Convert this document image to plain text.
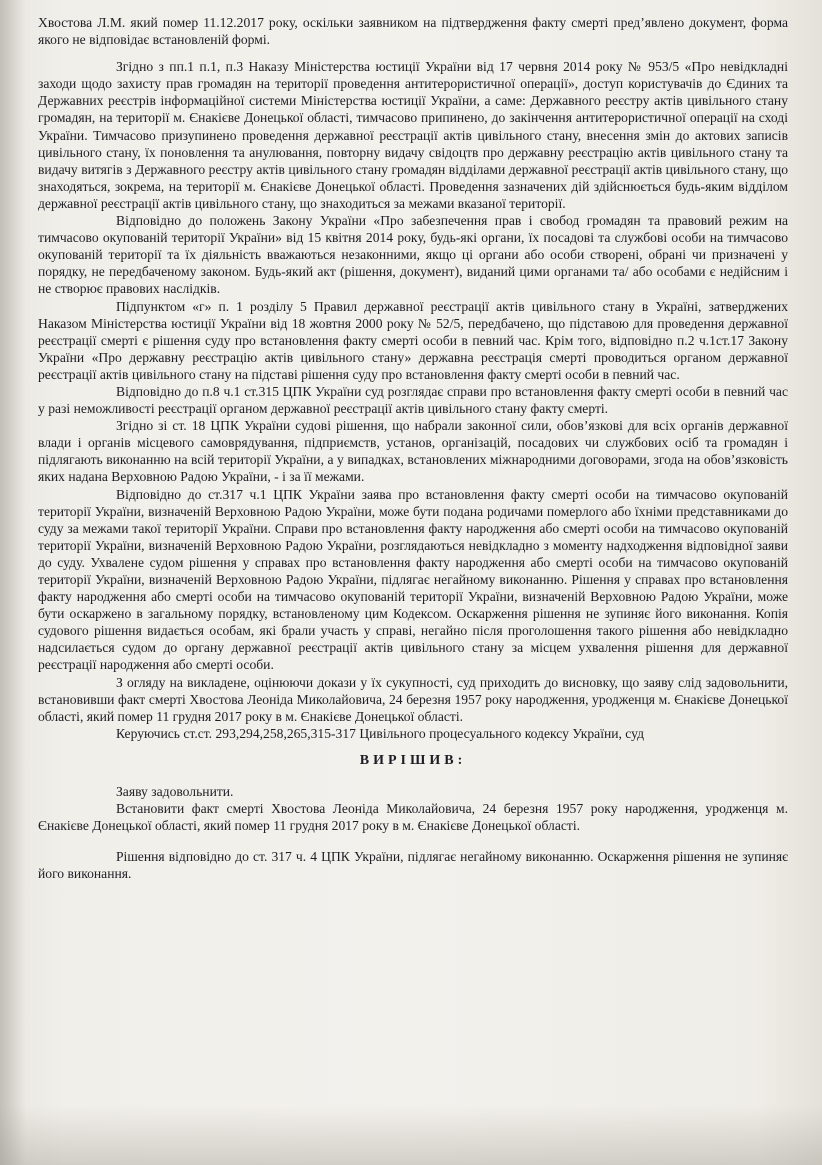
Хвостова Л.М. який помер 11.12.2017 року, оскільки заявником на підтвердження факту смерті пред’явлено документ, форма якого не відповідає встановленій формі.

Згідно з пп.1 п.1, п.3 Наказу Міністерства юстиції України від 17 червня 2014 року № 953/5 «Про невідкладні заходи щодо захисту прав громадян на території проведення антитерористичної операції», доступ користувачів до Єдиних та Державних реєстрів інформаційної системи Міністерства юстиції України, а саме: Державного реєстру актів цивільного стану громадян, на території м. Єнакієве Донецької області, тимчасово припинено, до закінчення антитерористичної операції на сході України. Тимчасово призупинено проведення державної реєстрації актів цивільного стану, внесення змін до актових записів цивільного стану, їх поновлення та анулювання, повторну видачу свідоцтв про державну реєстрацію актів цивільного стану та видачу витягів з Державного реєстру актів цивільного стану громадян відділами державної реєстрації актів цивільного стану, що знаходяться, зокрема, на території м. Єнакієве Донецької області. Проведення зазначених дій здійснюється будь-яким відділом державної реєстрації актів цивільного стану, що знаходиться за межами вказаної території.

Відповідно до положень Закону України «Про забезпечення прав і свобод громадян та правовий режим на тимчасово окупованій території України» від 15 квітня 2014 року, будь-які органи, їх посадові та службові особи на тимчасово окупованій території та їх діяльність вважаються незаконними, якщо ці органи або особи створені, обрані чи призначені у порядку, не передбаченому законом. Будь-який акт (рішення, документ), виданий цими органами та/ або особами є недійсним і не створює правових наслідків.

Підпунктом «г» п. 1 розділу 5 Правил державної реєстрації актів цивільного стану в Україні, затверджених Наказом Міністерства юстиції України від 18 жовтня 2000 року № 52/5, передбачено, що підставою для проведення державної реєстрації смерті є рішення суду про встановлення факту смерті особи в певний час. Крім того, відповідно п.2 ч.1ст.17 Закону України «Про державну реєстрацію актів цивільного стану» державна реєстрація смерті проводиться органом державної реєстрації актів цивільного стану на підставі рішення суду про встановлення факту смерті особи в певний час.

Відповідно до п.8 ч.1 ст.315 ЦПК України суд розглядає справи про встановлення факту смерті особи в певний час у разі неможливості реєстрації органом державної реєстрації актів цивільного стану факту смерті.

Згідно зі ст. 18 ЦПК України судові рішення, що набрали законної сили, обов’язкові для всіх органів державної влади і органів місцевого самоврядування, підприємств, установ, організацій, посадових чи службових осіб та громадян і підлягають виконанню на всій території України, а у випадках, встановлених міжнародними договорами, згода на обов’язковість яких надана Верховною Радою України, - і за її межами.

Відповідно до ст.317 ч.1 ЦПК України заява про встановлення факту смерті особи на тимчасово окупованій території України, визначеній Верховною Радою України, може бути подана родичами померлого або їхніми представниками до суду за межами такої території України. Справи про встановлення факту народження або смерті особи на тимчасово окупованій території України, визначеній Верховною Радою України, розглядаються невідкладно з моменту надходження відповідної заяви до суду. Ухвалене судом рішення у справах про встановлення факту народження або смерті особи на тимчасово окупованій території України, визначеній Верховною Радою України, підлягає негайному виконанню. Рішення у справах про встановлення факту народження або смерті особи на тимчасово окупованій території України, визначеній Верховною Радою України, може бути оскаржено в загальному порядку, встановленому цим Кодексом. Оскарження рішення не зупиняє його виконання. Копія судового рішення видається особам, які брали участь у справі, негайно після проголошення такого рішення або невідкладно надсилається судом до органу державної реєстрації актів цивільного стану за місцем ухвалення рішення для державної реєстрації народження або смерті особи.

З огляду на викладене, оцінюючи докази у їх сукупності, суд приходить до висновку, що заяву слід задовольнити, встановивши факт смерті Хвостова Леоніда Миколайовича, 24 березня 1957 року народження, уродженця м. Єнакієве Донецької області, який помер 11 грудня 2017 року в м. Єнакієве Донецької області.

Керуючись ст.ст. 293,294,258,265,315-317 Цивільного процесуального кодексу України, суд

ВИРІШИВ:

Заяву задовольнити.

Встановити факт смерті Хвостова Леоніда Миколайовича, 24 березня 1957 року народження, уродженця м. Єнакієве Донецької області, який помер 11 грудня 2017 року в м. Єнакієве Донецької області.

Рішення відповідно до ст. 317 ч. 4 ЦПК України, підлягає негайному виконанню. Оскарження рішення не зупиняє його виконання.
